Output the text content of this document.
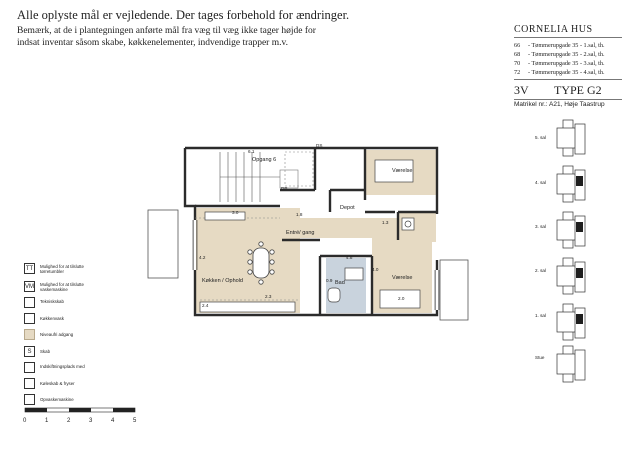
Alle oplyste mål er vejledende. Der tages forbehold for ændringer.

Bemærk, at de i plantegningen anførte mål fra væg til væg ikke tager højde for

indsat inventar såsom skabe, køkkenelementer, indvendige trapper m.v.

CORNELIA HUS
66 - Tømmerupgade 35 - 1.sal, th.
68 - Tømmerupgade 35 - 2.sal, th.
70 - Tømmerupgade 35 - 3.sal, th.
72 - Tømmerupgade 35 - 4.sal, th.
3V TYPE G2
Matrikel nr.: A21, Høje Taastrup
Opgang 6
Værelse
Depot
Entré/ gang
Køkken / Ophold	Bad
Værelse
6.1
3.0	1.8
1.3
4.8
2.3
2.4
4.0
4.2
2.0
0.9
DS
DP
TT	Mulighed for at tilslutte tørretumbler
VM Mulighed for at tilslutte vaskemaskine
Tekniskskab
Køkkenvask
Niveaufri adgang
S	Skab
Indskiftningsplads med
Køleskab & fryser
Opvaskemaskine
0	1	2	3	4	5
5. sal
4. sal
3. sal
2. sal
1. sal
Stue
